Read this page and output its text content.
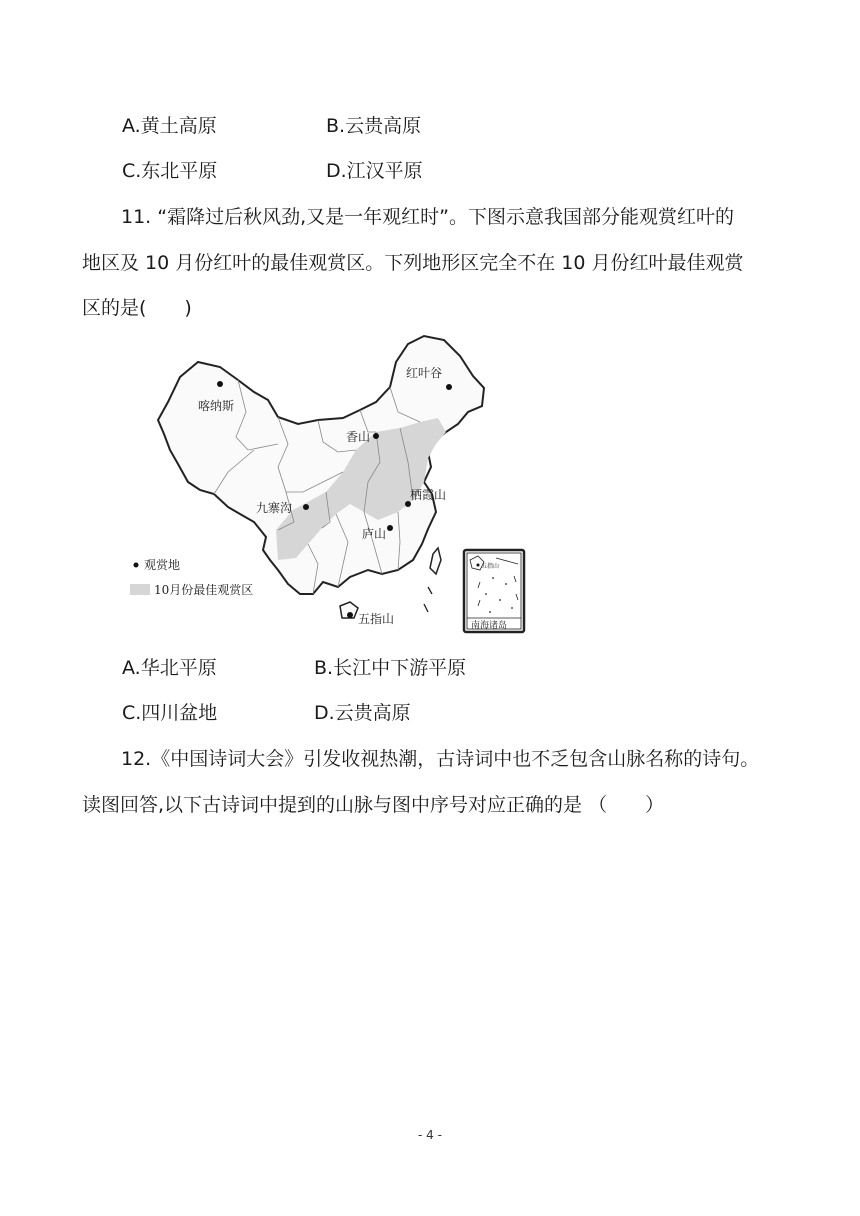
A.黄土高原	B.云贵高原
C.东北平原	D.江汉平原
11. “霜降过后秋风劲,又是一年观红时”。下图示意我国部分能观赏红叶的
地区及 10 月份红叶的最佳观赏区。下列地形区完全不在 10 月份红叶最佳观赏
区的是(　　)
喀纳斯
红叶谷
香山
栖霞山
九寨沟
庐山
五指山
观赏地
10月份最佳观赏区
五指山
南海诸岛
A.华北平原	B.长江中下游平原
C.四川盆地	D.云贵高原
12.《中国诗词大会》引发收视热潮，古诗词中也不乏包含山脉名称的诗句。
读图回答,以下古诗词中提到的山脉与图中序号对应正确的是 （　　）
- 4 -
